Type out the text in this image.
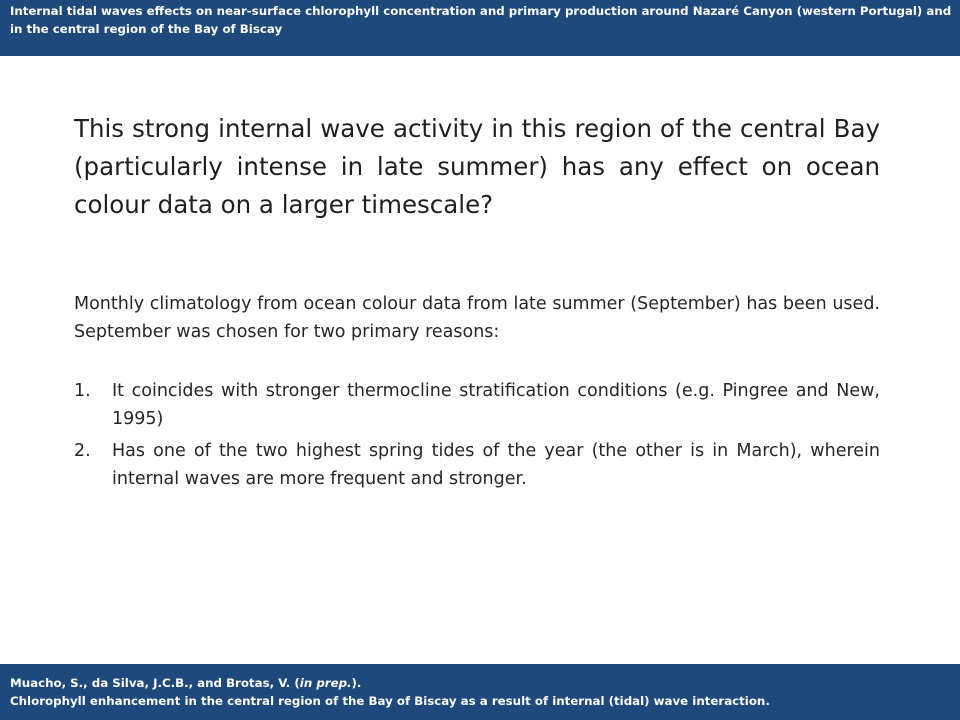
Internal tidal waves effects on near-surface chlorophyll concentration and primary production around Nazaré Canyon (western Portugal) and in the central region of the Bay of Biscay
This strong internal wave activity in this region of the central Bay (particularly intense in late summer) has any effect on ocean colour data on a larger timescale?
Monthly climatology from ocean colour data from late summer (September) has been used. September was chosen for two primary reasons:
1. It coincides with stronger thermocline stratification conditions (e.g. Pingree and New, 1995)
2. Has one of the two highest spring tides of the year (the other is in March), wherein internal waves are more frequent and stronger.
Muacho, S., da Silva, J.C.B., and Brotas, V. (in prep.).
Chlorophyll enhancement in the central region of the Bay of Biscay as a result of internal (tidal) wave interaction.
